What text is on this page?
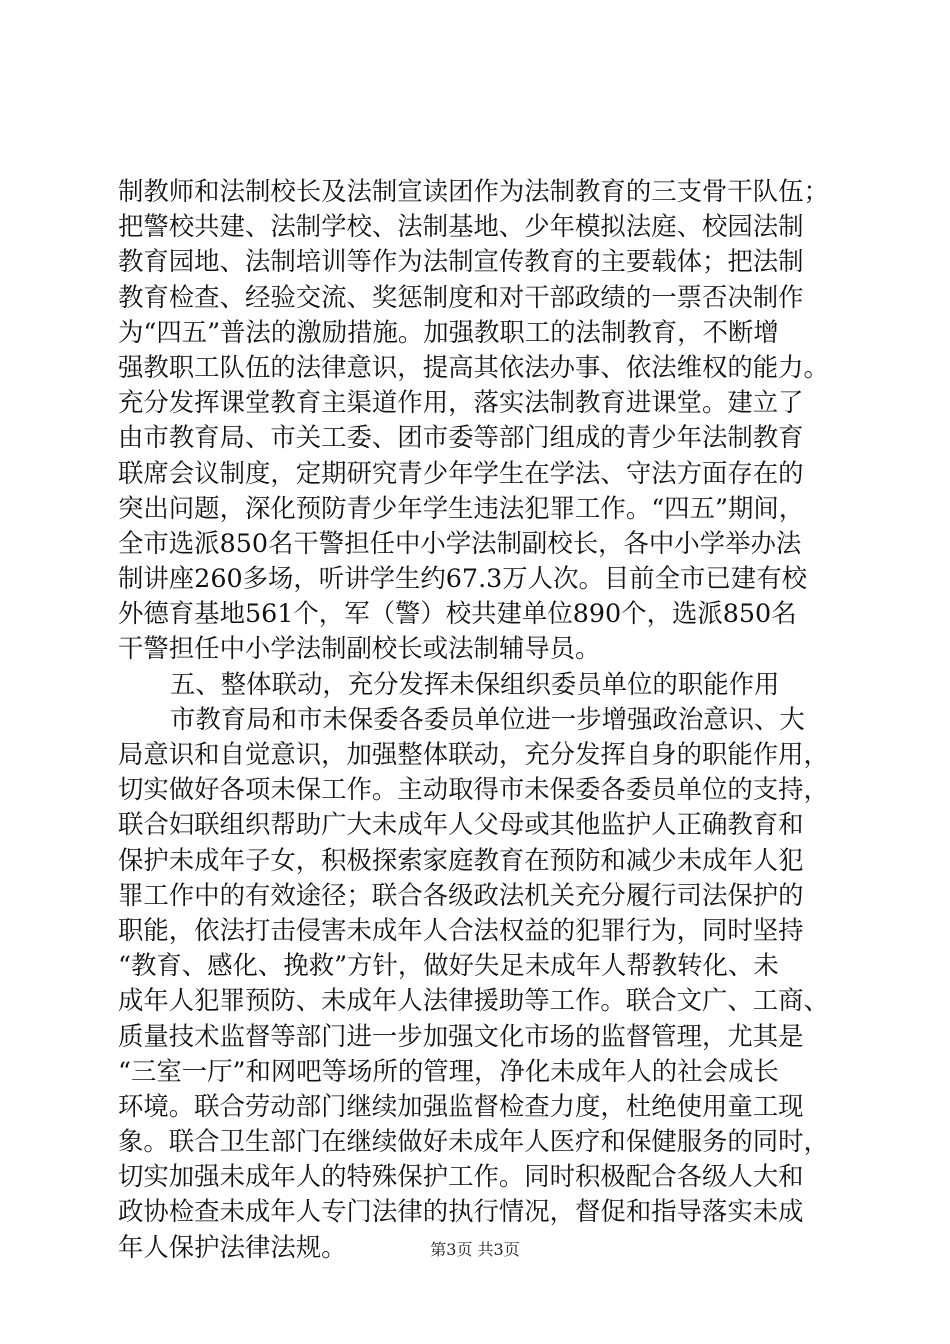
制教师和法制校长及法制宣读团作为法制教育的三支骨干队伍；
把警校共建、法制学校、法制基地、少年模拟法庭、校园法制
教育园地、法制培训等作为法制宣传教育的主要载体；把法制
教育检查、经验交流、奖惩制度和对干部政绩的一票否决制作
为“四五”普法的激励措施。加强教职工的法制教育，不断增
强教职工队伍的法律意识，提高其依法办事、依法维权的能力。
充分发挥课堂教育主渠道作用，落实法制教育进课堂。建立了
由市教育局、市关工委、团市委等部门组成的青少年法制教育
联席会议制度，定期研究青少年学生在学法、守法方面存在的
突出问题，深化预防青少年学生违法犯罪工作。“四五”期间，
全市选派850名干警担任中小学法制副校长，各中小学举办法
制讲座260多场，听讲学生约67.3万人次。目前全市已建有校
外德育基地561个，军（警）校共建单位890个，选派850名
干警担任中小学法制副校长或法制辅导员。
五、整体联动，充分发挥未保组织委员单位的职能作用
市教育局和市未保委各委员单位进一步增强政治意识、大
局意识和自觉意识，加强整体联动，充分发挥自身的职能作用，
切实做好各项未保工作。主动取得市未保委各委员单位的支持，
联合妇联组织帮助广大未成年人父母或其他监护人正确教育和
保护未成年子女，积极探索家庭教育在预防和减少未成年人犯
罪工作中的有效途径；联合各级政法机关充分履行司法保护的
职能，依法打击侵害未成年人合法权益的犯罪行为，同时坚持
“教育、感化、挽救”方针，做好失足未成年人帮教转化、未
成年人犯罪预防、未成年人法律援助等工作。联合文广、工商、
质量技术监督等部门进一步加强文化市场的监督管理，尤其是
“三室一厅”和网吧等场所的管理，净化未成年人的社会成长
环境。联合劳动部门继续加强监督检查力度，杜绝使用童工现
象。联合卫生部门在继续做好未成年人医疗和保健服务的同时，
切实加强未成年人的特殊保护工作。同时积极配合各级人大和
政协检查未成年人专门法律的执行情况，督促和指导落实未成
年人保护法律法规。	第3页 共3页
